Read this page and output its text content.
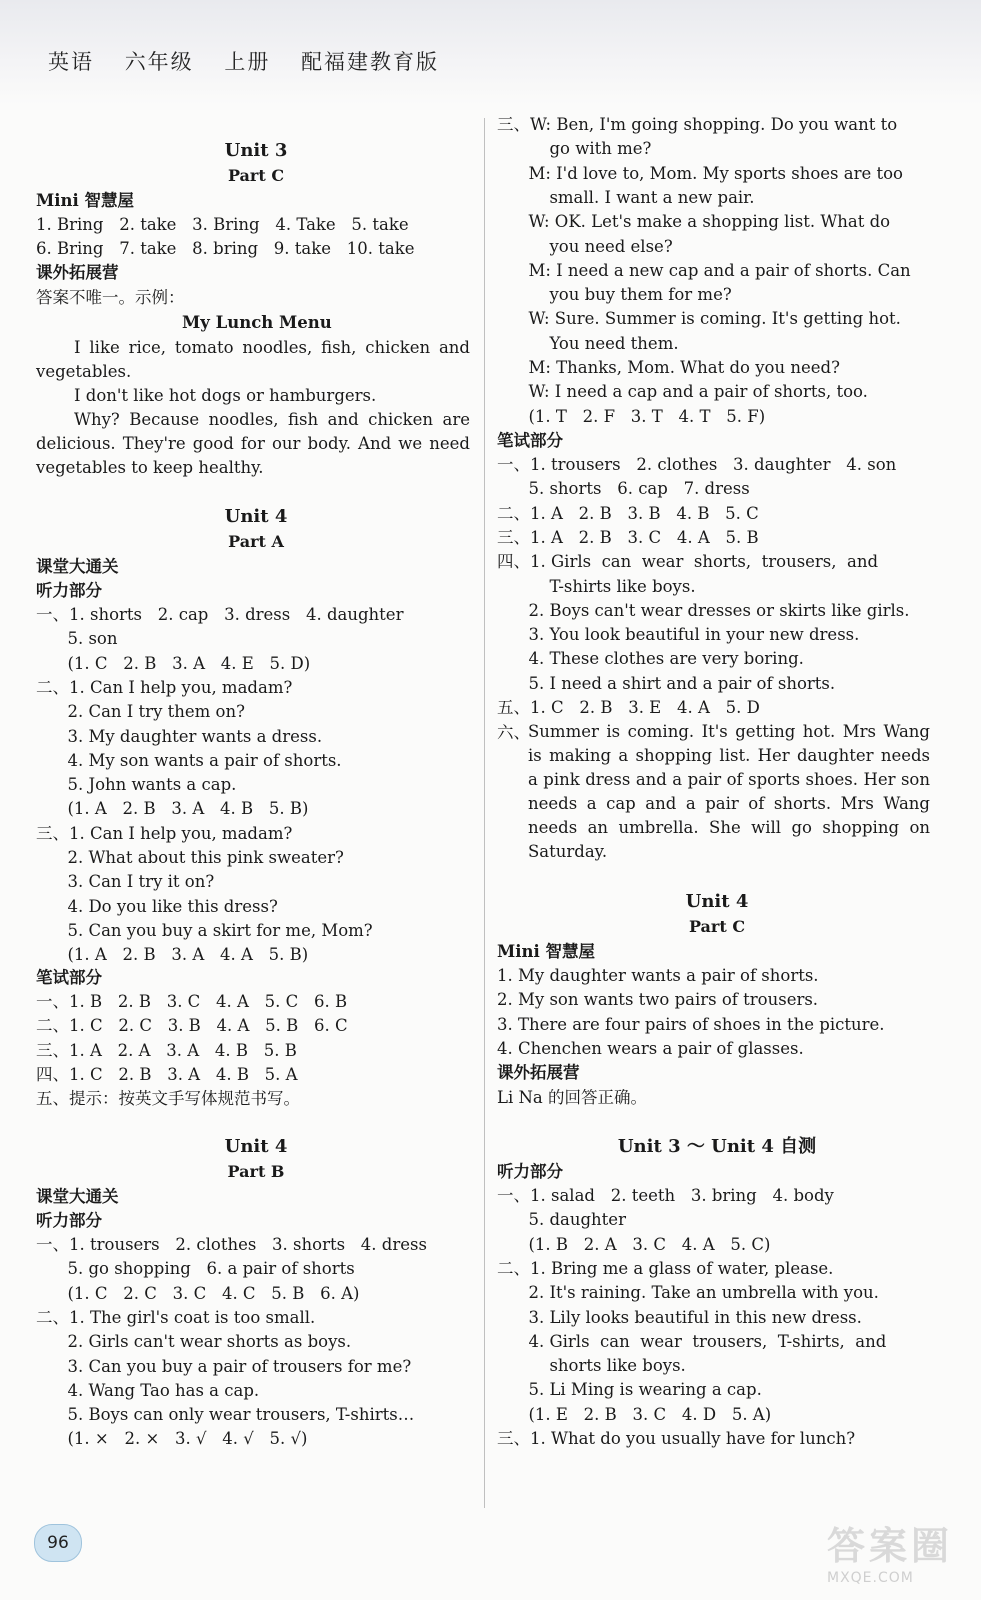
英语 六年级 上册 配福建教育版
Unit 3
Part C
Mini 智慧屋
1. Bring   2. take   3. Bring   4. Take   5. take
6. Bring   7. take   8. bring   9. take   10. take
课外拓展营
答案不唯一。示例：
My Lunch Menu
I like rice, tomato noodles, fish, chicken and vegetables.
I don't like hot dogs or hamburgers.
Why? Because noodles, fish and chicken are delicious. They're good for our body. And we need vegetables to keep healthy.
Unit 4
Part A
课堂大通关
听力部分
一、1. shorts   2. cap   3. dress   4. daughter
5. son
(1. C   2. B   3. A   4. E   5. D)
二、1. Can I help you, madam?
2. Can I try them on?
3. My daughter wants a dress.
4. My son wants a pair of shorts.
5. John wants a cap.
(1. A   2. B   3. A   4. B   5. B)
三、1. Can I help you, madam?
2. What about this pink sweater?
3. Can I try it on?
4. Do you like this dress?
5. Can you buy a skirt for me, Mom?
(1. A   2. B   3. A   4. A   5. B)
笔试部分
一、1. B   2. B   3. C   4. A   5. C   6. B
二、1. C   2. C   3. B   4. A   5. B   6. C
三、1. A   2. A   3. A   4. B   5. B
四、1. C   2. B   3. A   4. B   5. A
五、提示：按英文手写体规范书写。
Unit 4
Part B
课堂大通关
听力部分
一、1. trousers   2. clothes   3. shorts   4. dress
5. go shopping   6. a pair of shorts
(1. C   2. C   3. C   4. C   5. B   6. A)
二、1. The girl's coat is too small.
2. Girls can't wear shorts as boys.
3. Can you buy a pair of trousers for me?
4. Wang Tao has a cap.
5. Boys can only wear trousers, T-shirts…
(1. ×   2. ×   3. √   4. √   5. √)
三、W: Ben, I'm going shopping. Do you want to
go with me?
M: I'd love to, Mom. My sports shoes are too
small. I want a new pair.
W: OK. Let's make a shopping list. What do
you need else?
M: I need a new cap and a pair of shorts. Can
you buy them for me?
W: Sure. Summer is coming. It's getting hot.
You need them.
M: Thanks, Mom. What do you need?
W: I need a cap and a pair of shorts, too.
(1. T   2. F   3. T   4. T   5. F)
笔试部分
一、1. trousers   2. clothes   3. daughter   4. son
5. shorts   6. cap   7. dress
二、1. A   2. B   3. B   4. B   5. C
三、1. A   2. B   3. C   4. A   5. B
四、1. Girls  can  wear  shorts,  trousers,  and
T-shirts like boys.
2. Boys can't wear dresses or skirts like girls.
3. You look beautiful in your new dress.
4. These clothes are very boring.
5. I need a shirt and a pair of shorts.
五、1. C   2. B   3. E   4. A   5. D
六、
Summer is coming. It's getting hot. Mrs Wang is making a shopping list. Her daughter needs a pink dress and a pair of sports shoes. Her son needs a cap and a pair of shorts. Mrs Wang needs an umbrella. She will go shopping on Saturday.
Unit 4
Part C
Mini 智慧屋
1. My daughter wants a pair of shorts.
2. My son wants two pairs of trousers.
3. There are four pairs of shoes in the picture.
4. Chenchen wears a pair of glasses.
课外拓展营
Li Na 的回答正确。
Unit 3 ～ Unit 4 自测
听力部分
一、1. salad   2. teeth   3. bring   4. body
5. daughter
(1. B   2. A   3. C   4. A   5. C)
二、1. Bring me a glass of water, please.
2. It's raining. Take an umbrella with you.
3. Lily looks beautiful in this new dress.
4. Girls  can  wear  trousers,  T-shirts,  and
shorts like boys.
5. Li Ming is wearing a cap.
(1. E   2. B   3. C   4. D   5. A)
三、1. What do you usually have for lunch?
96	答案圈
MXQE.COM
